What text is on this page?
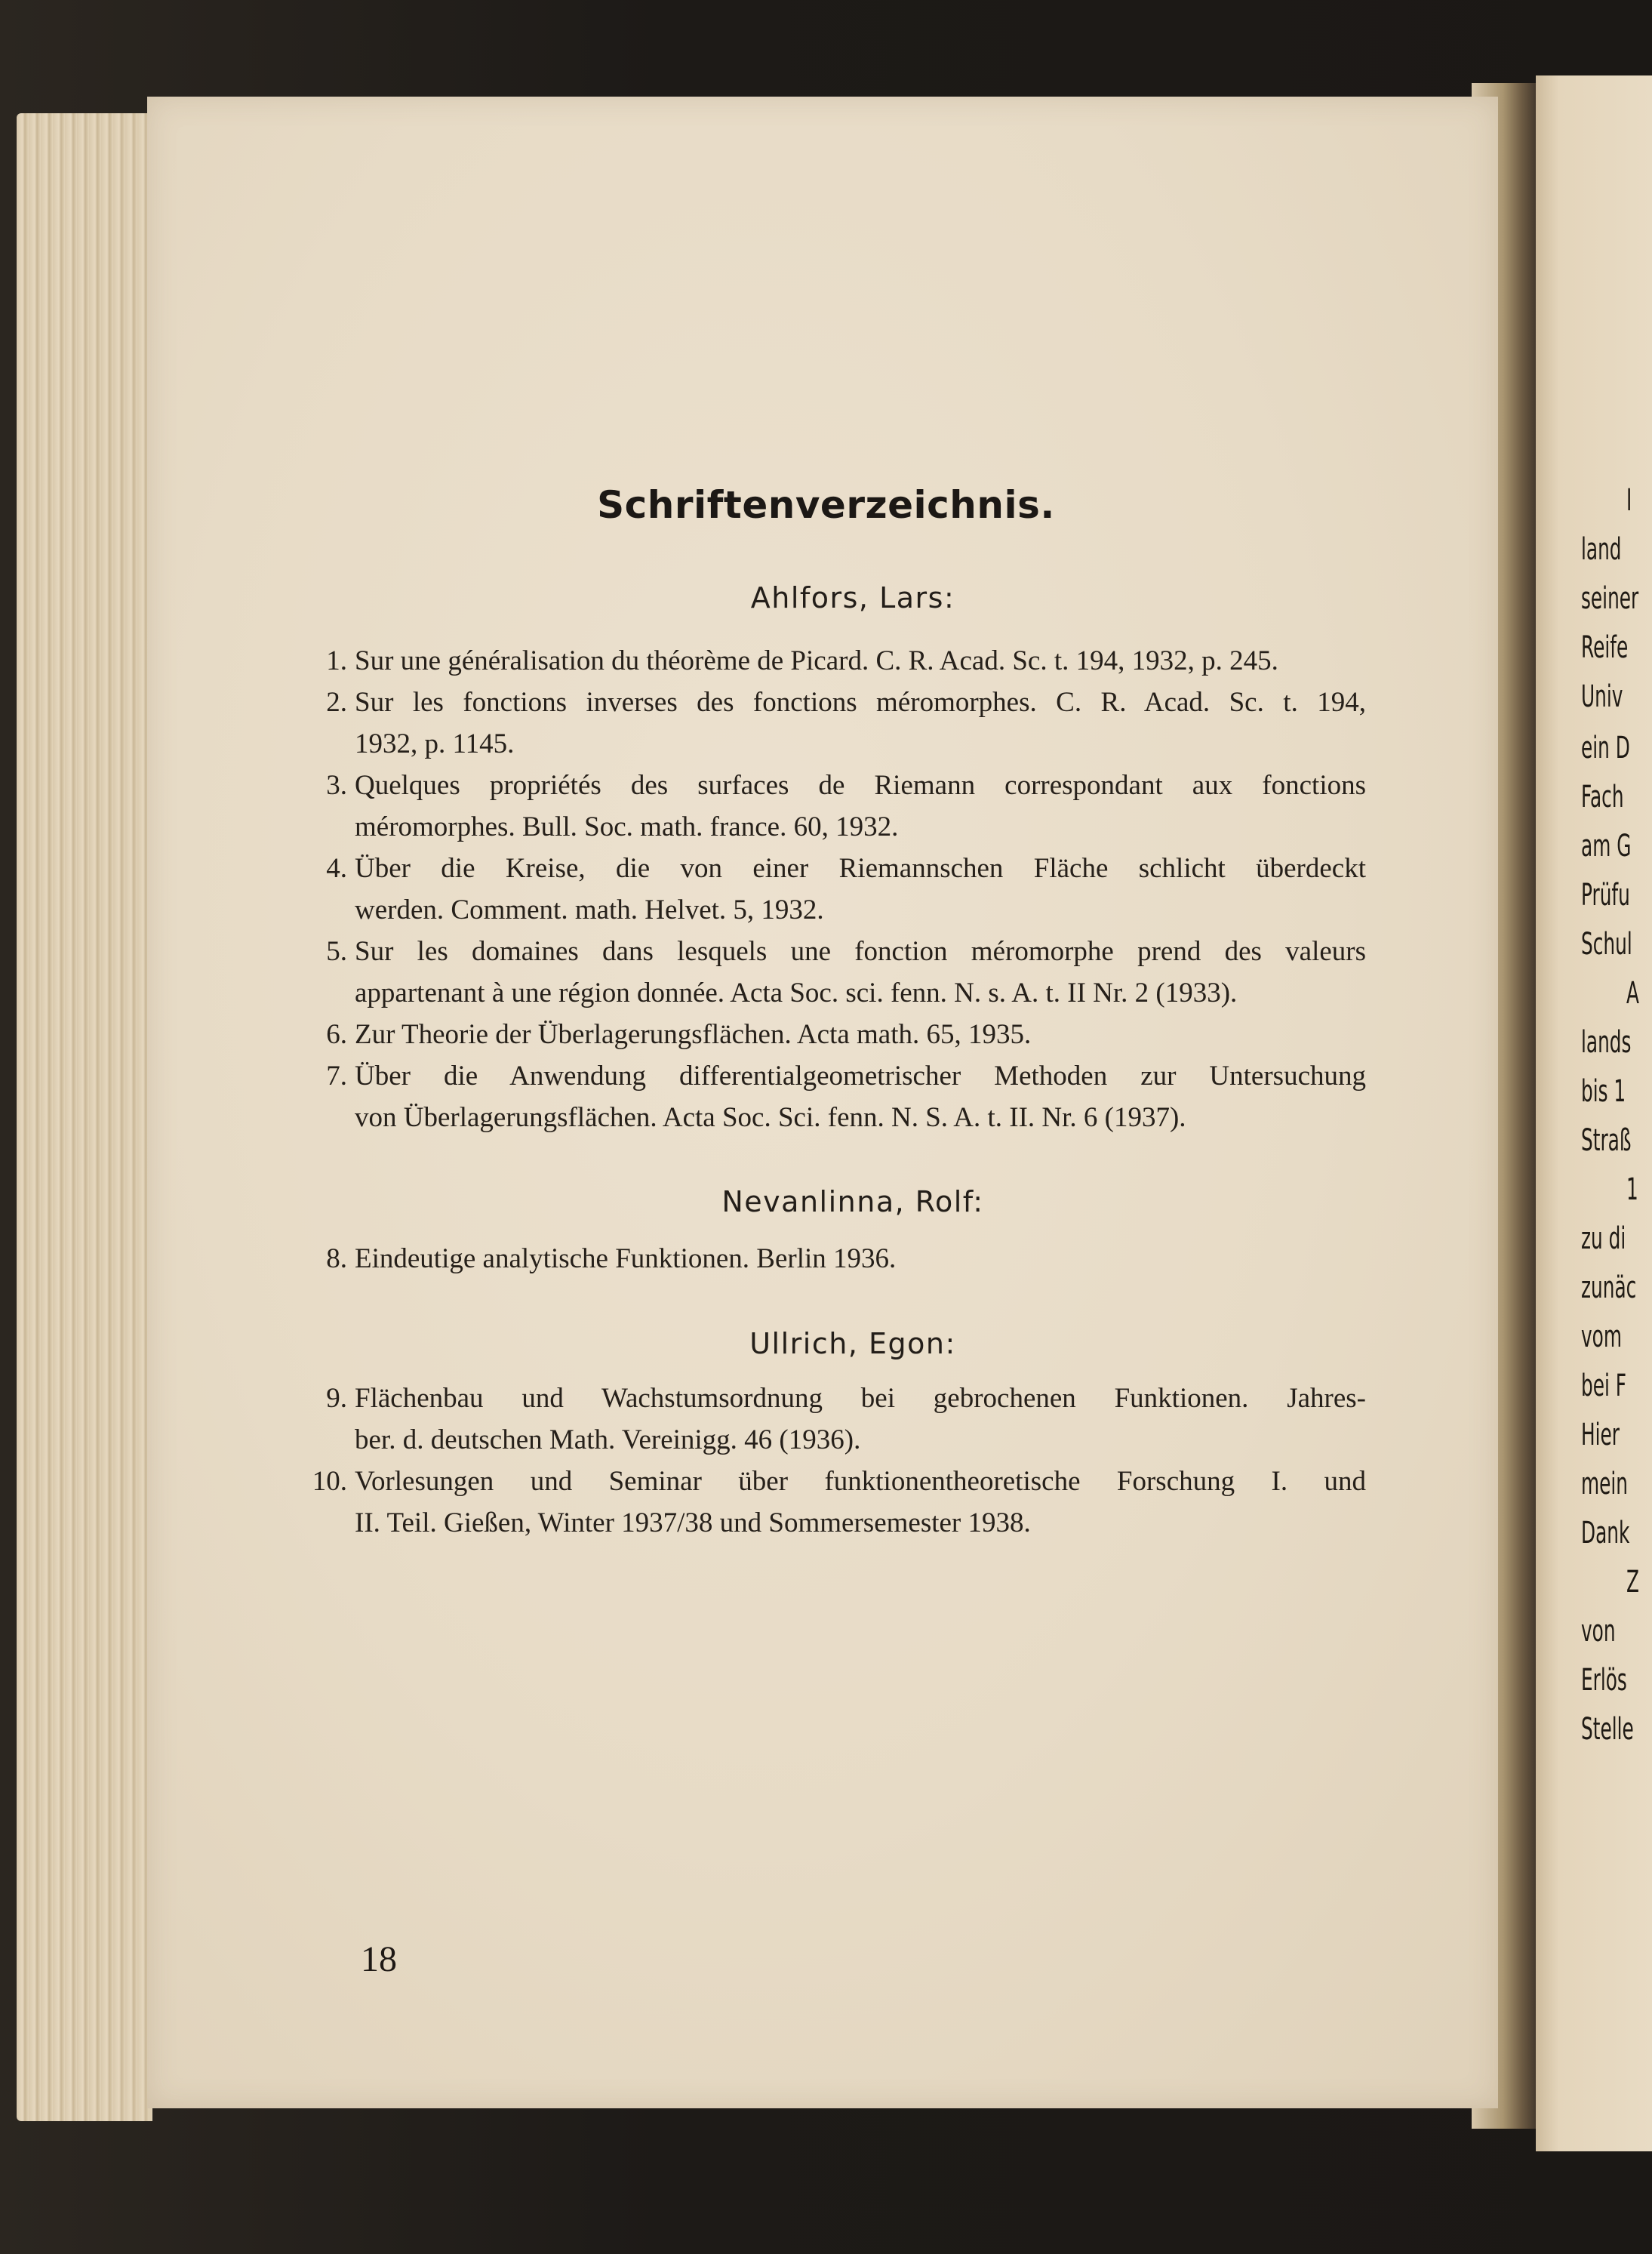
I
land
seiner
Reife
Univ
ein D
Fach
am G
Prüfu
Schul
A
lands
bis 1
Straß
1
zu di
zunäc
vom
bei F
Hier
mein
Dank
Z
von
Erlös
Stelle
Schriftenverzeichnis.
Ahlfors, Lars:
1. Sur une généralisation du théorème de Picard. C. R. Acad. Sc. t. 194, 1932, p. 245.
2. Sur les fonctions inverses des fonctions méromorphes. C. R. Acad. Sc. t. 194,
1932, p. 1145.
3. Quelques propriétés des surfaces de Riemann correspondant aux fonctions
méromorphes. Bull. Soc. math. france. 60, 1932.
4. Über die Kreise, die von einer Riemannschen Fläche schlicht überdeckt
werden. Comment. math. Helvet. 5, 1932.
5. Sur les domaines dans lesquels une fonction méromorphe prend des valeurs
appartenant à une région donnée. Acta Soc. sci. fenn. N. s. A. t. II Nr. 2 (1933).
6. Zur Theorie der Überlagerungsflächen. Acta math. 65, 1935.
7. Über die Anwendung differentialgeometrischer Methoden zur Untersuchung
von Überlagerungsflächen. Acta Soc. Sci. fenn. N. S. A. t. II. Nr. 6 (1937).
Nevanlinna, Rolf:
8. Eindeutige analytische Funktionen. Berlin 1936.
Ullrich, Egon:
9. Flächenbau und Wachstumsordnung bei gebrochenen Funktionen. Jahres-
ber. d. deutschen Math. Vereinigg. 46 (1936).
10. Vorlesungen und Seminar über funktionentheoretische Forschung I. und
II. Teil. Gießen, Winter 1937/38 und Sommersemester 1938.
18
